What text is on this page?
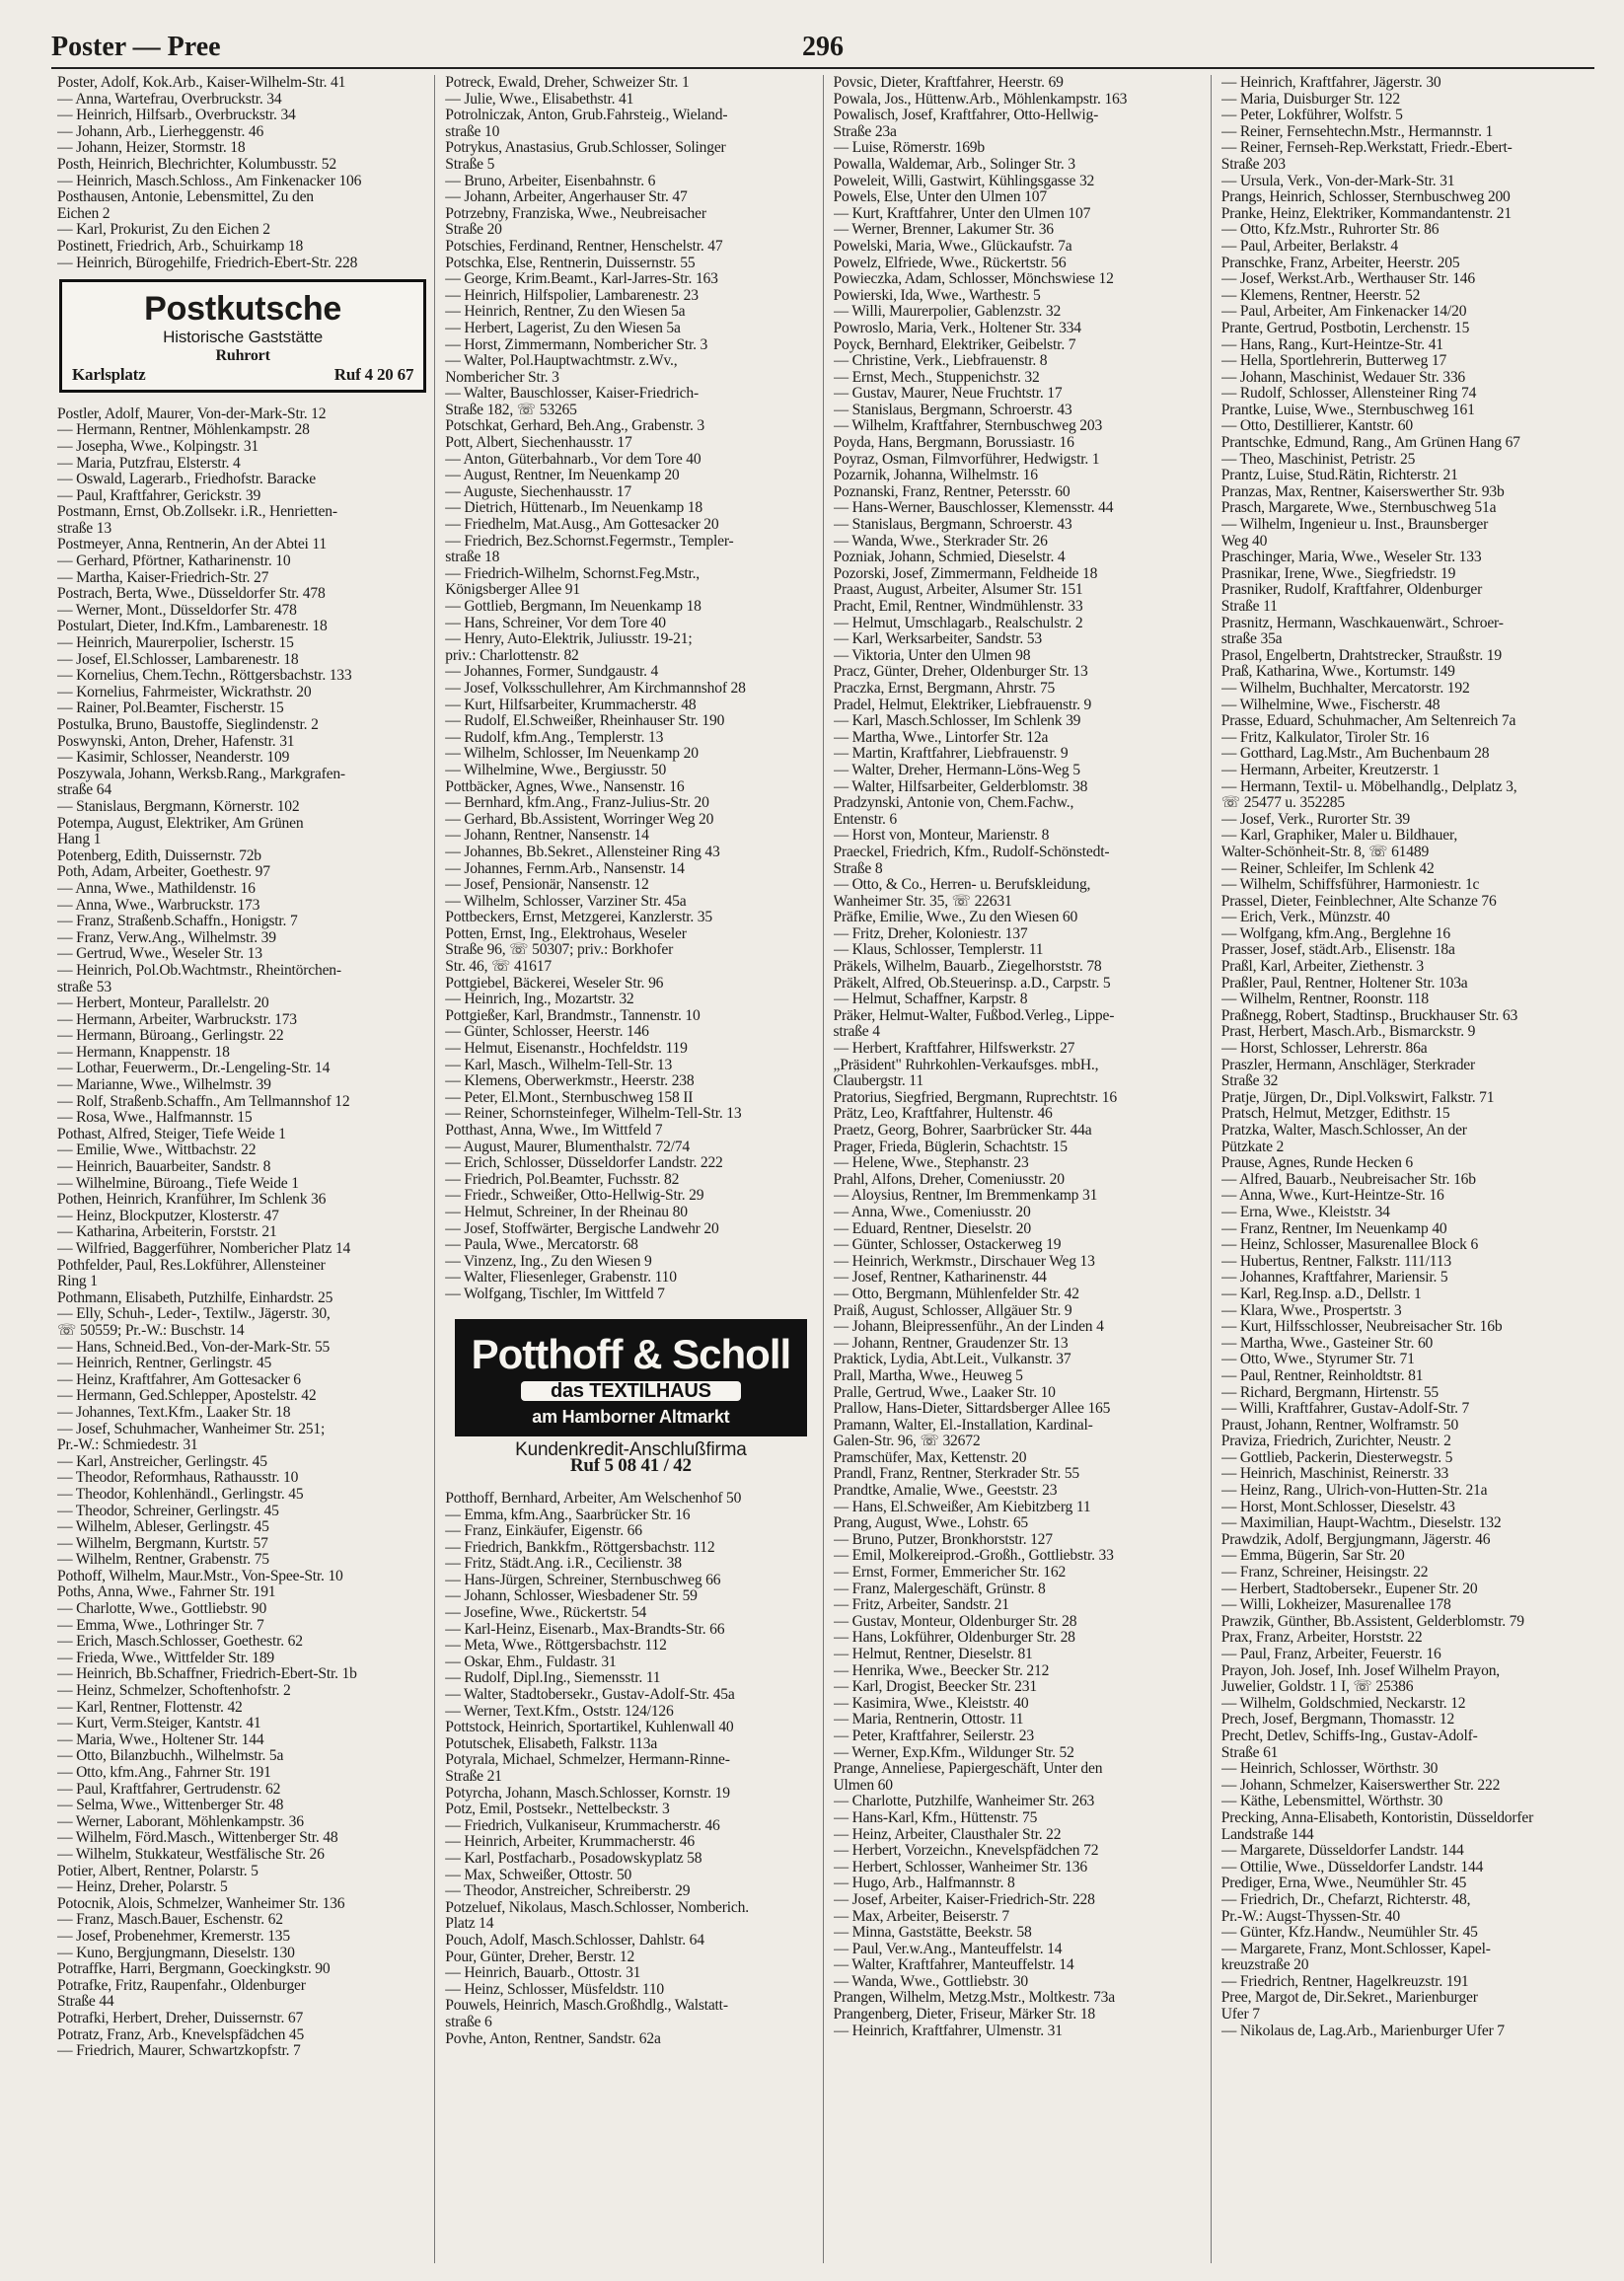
Poster — Pree	296
Poster, Adolf, Kok.Arb., Kaiser-Wilhelm-Str. 41
— Anna, Wartefrau, Overbruckstr. 34
— Heinrich, Hilfsarb., Overbruckstr. 34
— Johann, Arb., Lierheggenstr. 46
— Johann, Heizer, Stormstr. 18
Posth, Heinrich, Blechrichter, Kolumbusstr. 52
— Heinrich, Masch.Schloss., Am Finkenacker 106
Posthausen, Antonie, Lebensmittel, Zu den
Eichen 2
— Karl, Prokurist, Zu den Eichen 2
Postinett, Friedrich, Arb., Schuirkamp 18
— Heinrich, Bürogehilfe, Friedrich-Ebert-Str. 228
Postkutsche
Historische Gaststätte
Ruhrort
Karlsplatz	Ruf 4 20 67
Postler, Adolf, Maurer, Von-der-Mark-Str. 12
— Hermann, Rentner, Möhlenkampstr. 28
— Josepha, Wwe., Kolpingstr. 31
— Maria, Putzfrau, Elsterstr. 4
— Oswald, Lagerarb., Friedhofstr. Baracke
— Paul, Kraftfahrer, Gerickstr. 39
Postmann, Ernst, Ob.Zollsekr. i.R., Henrietten-
straße 13
Postmeyer, Anna, Rentnerin, An der Abtei 11
— Gerhard, Pförtner, Katharinenstr. 10
— Martha, Kaiser-Friedrich-Str. 27
Postrach, Berta, Wwe., Düsseldorfer Str. 478
— Werner, Mont., Düsseldorfer Str. 478
Postulart, Dieter, Ind.Kfm., Lambarenestr. 18
— Heinrich, Maurerpolier, Ischerstr. 15
— Josef, El.Schlosser, Lambarenestr. 18
— Kornelius, Chem.Techn., Röttgersbachstr. 133
— Kornelius, Fahrmeister, Wickrathstr. 20
— Rainer, Pol.Beamter, Fischerstr. 15
Postulka, Bruno, Baustoffe, Sieglindenstr. 2
Poswynski, Anton, Dreher, Hafenstr. 31
— Kasimir, Schlosser, Neanderstr. 109
Poszywala, Johann, Werksb.Rang., Markgrafen-
straße 64
— Stanislaus, Bergmann, Körnerstr. 102
Potempa, August, Elektriker, Am Grünen
Hang 1
Potenberg, Edith, Duissernstr. 72b
Poth, Adam, Arbeiter, Goethestr. 97
— Anna, Wwe., Mathildenstr. 16
— Anna, Wwe., Warbruckstr. 173
— Franz, Straßenb.Schaffn., Honigstr. 7
— Franz, Verw.Ang., Wilhelmstr. 39
— Gertrud, Wwe., Weseler Str. 13
— Heinrich, Pol.Ob.Wachtmstr., Rheintörchen-
straße 53
— Herbert, Monteur, Parallelstr. 20
— Hermann, Arbeiter, Warbruckstr. 173
— Hermann, Büroang., Gerlingstr. 22
— Hermann, Knappenstr. 18
— Lothar, Feuerwerm., Dr.-Lengeling-Str. 14
— Marianne, Wwe., Wilhelmstr. 39
— Rolf, Straßenb.Schaffn., Am Tellmannshof 12
— Rosa, Wwe., Halfmannstr. 15
Pothast, Alfred, Steiger, Tiefe Weide 1
— Emilie, Wwe., Wittbachstr. 22
— Heinrich, Bauarbeiter, Sandstr. 8
— Wilhelmine, Büroang., Tiefe Weide 1
Pothen, Heinrich, Kranführer, Im Schlenk 36
— Heinz, Blockputzer, Klosterstr. 47
— Katharina, Arbeiterin, Forststr. 21
— Wilfried, Baggerführer, Nombericher Platz 14
Pothfelder, Paul, Res.Lokführer, Allensteiner
Ring 1
Pothmann, Elisabeth, Putzhilfe, Einhardstr. 25
— Elly, Schuh-, Leder-, Textilw., Jägerstr. 30,
☏ 50559; Pr.-W.: Buschstr. 14
— Hans, Schneid.Bed., Von-der-Mark-Str. 55
— Heinrich, Rentner, Gerlingstr. 45
— Heinz, Kraftfahrer, Am Gottesacker 6
— Hermann, Ged.Schlepper, Apostelstr. 42
— Johannes, Text.Kfm., Laaker Str. 18
— Josef, Schuhmacher, Wanheimer Str. 251;
Pr.-W.: Schmiedestr. 31
— Karl, Anstreicher, Gerlingstr. 45
— Theodor, Reformhaus, Rathausstr. 10
— Theodor, Kohlenhändl., Gerlingstr. 45
— Theodor, Schreiner, Gerlingstr. 45
— Wilhelm, Ableser, Gerlingstr. 45
— Wilhelm, Bergmann, Kurtstr. 57
— Wilhelm, Rentner, Grabenstr. 75
Pothoff, Wilhelm, Maur.Mstr., Von-Spee-Str. 10
Poths, Anna, Wwe., Fahrner Str. 191
— Charlotte, Wwe., Gottliebstr. 90
— Emma, Wwe., Lothringer Str. 7
— Erich, Masch.Schlosser, Goethestr. 62
— Frieda, Wwe., Wittfelder Str. 189
— Heinrich, Bb.Schaffner, Friedrich-Ebert-Str. 1b
— Heinz, Schmelzer, Schoftenhofstr. 2
— Karl, Rentner, Flottenstr. 42
— Kurt, Verm.Steiger, Kantstr. 41
— Maria, Wwe., Holtener Str. 144
— Otto, Bilanzbuchh., Wilhelmstr. 5a
— Otto, kfm.Ang., Fahrner Str. 191
— Paul, Kraftfahrer, Gertrudenstr. 62
— Selma, Wwe., Wittenberger Str. 48
— Werner, Laborant, Möhlenkampstr. 36
— Wilhelm, Förd.Masch., Wittenberger Str. 48
— Wilhelm, Stukkateur, Westfälische Str. 26
Potier, Albert, Rentner, Polarstr. 5
— Heinz, Dreher, Polarstr. 5
Potocnik, Alois, Schmelzer, Wanheimer Str. 136
— Franz, Masch.Bauer, Eschenstr. 62
— Josef, Probenehmer, Kremerstr. 135
— Kuno, Bergjungmann, Dieselstr. 130
Potraffke, Harri, Bergmann, Goeckingkstr. 90
Potrafke, Fritz, Raupenfahr., Oldenburger
Straße 44
Potrafki, Herbert, Dreher, Duissernstr. 67
Potratz, Franz, Arb., Knevelspfädchen 45
— Friedrich, Maurer, Schwartzkopfstr. 7
Potreck, Ewald, Dreher, Schweizer Str. 1
— Julie, Wwe., Elisabethstr. 41
Potrolniczak, Anton, Grub.Fahrsteig., Wieland-
straße 10
Potrykus, Anastasius, Grub.Schlosser, Solinger
Straße 5
— Bruno, Arbeiter, Eisenbahnstr. 6
— Johann, Arbeiter, Angerhauser Str. 47
Potrzebny, Franziska, Wwe., Neubreisacher
Straße 20
Potschies, Ferdinand, Rentner, Henschelstr. 47
Potschka, Else, Rentnerin, Duissernstr. 55
— George, Krim.Beamt., Karl-Jarres-Str. 163
— Heinrich, Hilfspolier, Lambarenestr. 23
— Heinrich, Rentner, Zu den Wiesen 5a
— Herbert, Lagerist, Zu den Wiesen 5a
— Horst, Zimmermann, Nombericher Str. 3
— Walter, Pol.Hauptwachtmstr. z.Wv.,
Nombericher Str. 3
— Walter, Bauschlosser, Kaiser-Friedrich-
Straße 182, ☏ 53265
Potschkat, Gerhard, Beh.Ang., Grabenstr. 3
Pott, Albert, Siechenhausstr. 17
— Anton, Güterbahnarb., Vor dem Tore 40
— August, Rentner, Im Neuenkamp 20
— Auguste, Siechenhausstr. 17
— Dietrich, Hüttenarb., Im Neuenkamp 18
— Friedhelm, Mat.Ausg., Am Gottesacker 20
— Friedrich, Bez.Schornst.Fegermstr., Templer-
straße 18
— Friedrich-Wilhelm, Schornst.Feg.Mstr.,
Königsberger Allee 91
— Gottlieb, Bergmann, Im Neuenkamp 18
— Hans, Schreiner, Vor dem Tore 40
— Henry, Auto-Elektrik, Juliusstr. 19-21;
priv.: Charlottenstr. 82
— Johannes, Former, Sundgaustr. 4
— Josef, Volksschullehrer, Am Kirchmannshof 28
— Kurt, Hilfsarbeiter, Krummacherstr. 48
— Rudolf, El.Schweißer, Rheinhauser Str. 190
— Rudolf, kfm.Ang., Templerstr. 13
— Wilhelm, Schlosser, Im Neuenkamp 20
— Wilhelmine, Wwe., Bergiusstr. 50
Pottbäcker, Agnes, Wwe., Nansenstr. 16
— Bernhard, kfm.Ang., Franz-Julius-Str. 20
— Gerhard, Bb.Assistent, Worringer Weg 20
— Johann, Rentner, Nansenstr. 14
— Johannes, Bb.Sekret., Allensteiner Ring 43
— Johannes, Fernm.Arb., Nansenstr. 14
— Josef, Pensionär, Nansenstr. 12
— Wilhelm, Schlosser, Varziner Str. 45a
Pottbeckers, Ernst, Metzgerei, Kanzlerstr. 35
Potten, Ernst, Ing., Elektrohaus, Weseler
Straße 96, ☏ 50307; priv.: Borkhofer
Str. 46, ☏ 41617
Pottgiebel, Bäckerei, Weseler Str. 96
— Heinrich, Ing., Mozartstr. 32
Pottgießer, Karl, Brandmstr., Tannenstr. 10
— Günter, Schlosser, Heerstr. 146
— Helmut, Eisenanstr., Hochfeldstr. 119
— Karl, Masch., Wilhelm-Tell-Str. 13
— Klemens, Oberwerkmstr., Heerstr. 238
— Peter, El.Mont., Sternbuschweg 158 II
— Reiner, Schornsteinfeger, Wilhelm-Tell-Str. 13
Potthast, Anna, Wwe., Im Wittfeld 7
— August, Maurer, Blumenthalstr. 72/74
— Erich, Schlosser, Düsseldorfer Landstr. 222
— Friedrich, Pol.Beamter, Fuchsstr. 82
— Friedr., Schweißer, Otto-Hellwig-Str. 29
— Helmut, Schreiner, In der Rheinau 80
— Josef, Stoffwärter, Bergische Landwehr 20
— Paula, Wwe., Mercatorstr. 68
— Vinzenz, Ing., Zu den Wiesen 9
— Walter, Fliesenleger, Grabenstr. 110
— Wolfgang, Tischler, Im Wittfeld 7
Potthoff & Scholl
das TEXTILHAUS
am Hamborner Altmarkt
Kundenkredit-Anschlußfirma
Ruf 5 08 41 / 42
Potthoff, Bernhard, Arbeiter, Am Welschenhof 50
— Emma, kfm.Ang., Saarbrücker Str. 16
— Franz, Einkäufer, Eigenstr. 66
— Friedrich, Bankkfm., Röttgersbachstr. 112
— Fritz, Städt.Ang. i.R., Cecilienstr. 38
— Hans-Jürgen, Schreiner, Sternbuschweg 66
— Johann, Schlosser, Wiesbadener Str. 59
— Josefine, Wwe., Rückertstr. 54
— Karl-Heinz, Eisenarb., Max-Brandts-Str. 66
— Meta, Wwe., Röttgersbachstr. 112
— Oskar, Ehm., Fuldastr. 31
— Rudolf, Dipl.Ing., Siemensstr. 11
— Walter, Stadtobersekr., Gustav-Adolf-Str. 45a
— Werner, Text.Kfm., Oststr. 124/126
Pottstock, Heinrich, Sportartikel, Kuhlenwall 40
Potutschek, Elisabeth, Falkstr. 113a
Potyrala, Michael, Schmelzer, Hermann-Rinne-
Straße 21
Potyrcha, Johann, Masch.Schlosser, Kornstr. 19
Potz, Emil, Postsekr., Nettelbeckstr. 3
— Friedrich, Vulkaniseur, Krummacherstr. 46
— Heinrich, Arbeiter, Krummacherstr. 46
— Karl, Postfacharb., Posadowskyplatz 58
— Max, Schweißer, Ottostr. 50
— Theodor, Anstreicher, Schreiberstr. 29
Potzeluef, Nikolaus, Masch.Schlosser, Nomberich.
Platz 14
Pouch, Adolf, Masch.Schlosser, Dahlstr. 64
Pour, Günter, Dreher, Berstr. 12
— Heinrich, Bauarb., Ottostr. 31
— Heinz, Schlosser, Müsfeldstr. 110
Pouwels, Heinrich, Masch.Großhdlg., Walstatt-
straße 6
Povhe, Anton, Rentner, Sandstr. 62a
Povsic, Dieter, Kraftfahrer, Heerstr. 69
Powala, Jos., Hüttenw.Arb., Möhlenkampstr. 163
Powalisch, Josef, Kraftfahrer, Otto-Hellwig-
Straße 23a
— Luise, Römerstr. 169b
Powalla, Waldemar, Arb., Solinger Str. 3
Poweleit, Willi, Gastwirt, Kühlingsgasse 32
Powels, Else, Unter den Ulmen 107
— Kurt, Kraftfahrer, Unter den Ulmen 107
— Werner, Brenner, Lakumer Str. 36
Powelski, Maria, Wwe., Glückaufstr. 7a
Powelz, Elfriede, Wwe., Rückertstr. 56
Powieczka, Adam, Schlosser, Mönchswiese 12
Powierski, Ida, Wwe., Warthestr. 5
— Willi, Maurerpolier, Gablenzstr. 32
Powroslo, Maria, Verk., Holtener Str. 334
Poyck, Bernhard, Elektriker, Geibelstr. 7
— Christine, Verk., Liebfrauenstr. 8
— Ernst, Mech., Stuppenichstr. 32
— Gustav, Maurer, Neue Fruchtstr. 17
— Stanislaus, Bergmann, Schroerstr. 43
— Wilhelm, Kraftfahrer, Sternbuschweg 203
Poyda, Hans, Bergmann, Borussiastr. 16
Poyraz, Osman, Filmvorführer, Hedwigstr. 1
Pozarnik, Johanna, Wilhelmstr. 16
Poznanski, Franz, Rentner, Petersstr. 60
— Hans-Werner, Bauschlosser, Klemensstr. 44
— Stanislaus, Bergmann, Schroerstr. 43
— Wanda, Wwe., Sterkrader Str. 26
Pozniak, Johann, Schmied, Dieselstr. 4
Pozorski, Josef, Zimmermann, Feldheide 18
Praast, August, Arbeiter, Alsumer Str. 151
Pracht, Emil, Rentner, Windmühlenstr. 33
— Helmut, Umschlagarb., Realschulstr. 2
— Karl, Werksarbeiter, Sandstr. 53
— Viktoria, Unter den Ulmen 98
Pracz, Günter, Dreher, Oldenburger Str. 13
Praczka, Ernst, Bergmann, Ahrstr. 75
Pradel, Helmut, Elektriker, Liebfrauenstr. 9
— Karl, Masch.Schlosser, Im Schlenk 39
— Martha, Wwe., Lintorfer Str. 12a
— Martin, Kraftfahrer, Liebfrauenstr. 9
— Walter, Dreher, Hermann-Löns-Weg 5
— Walter, Hilfsarbeiter, Gelderblomstr. 38
Pradzynski, Antonie von, Chem.Fachw.,
Entenstr. 6
— Horst von, Monteur, Marienstr. 8
Praeckel, Friedrich, Kfm., Rudolf-Schönstedt-
Straße 8
— Otto, & Co., Herren- u. Berufskleidung,
Wanheimer Str. 35, ☏ 22631
Präfke, Emilie, Wwe., Zu den Wiesen 60
— Fritz, Dreher, Koloniestr. 137
— Klaus, Schlosser, Templerstr. 11
Präkels, Wilhelm, Bauarb., Ziegelhorststr. 78
Präkelt, Alfred, Ob.Steuerinsp. a.D., Carpstr. 5
— Helmut, Schaffner, Karpstr. 8
Präker, Helmut-Walter, Fußbod.Verleg., Lippe-
straße 4
— Herbert, Kraftfahrer, Hilfswerkstr. 27
„Präsident" Ruhrkohlen-Verkaufsges. mbH.,
Claubergstr. 11
Pratorius, Siegfried, Bergmann, Ruprechtstr. 16
Prätz, Leo, Kraftfahrer, Hultenstr. 46
Praetz, Georg, Bohrer, Saarbrücker Str. 44a
Prager, Frieda, Büglerin, Schachtstr. 15
— Helene, Wwe., Stephanstr. 23
Prahl, Alfons, Dreher, Comeniusstr. 20
— Aloysius, Rentner, Im Bremmenkamp 31
— Anna, Wwe., Comeniusstr. 20
— Eduard, Rentner, Dieselstr. 20
— Günter, Schlosser, Ostackerweg 19
— Heinrich, Werkmstr., Dirschauer Weg 13
— Josef, Rentner, Katharinenstr. 44
— Otto, Bergmann, Mühlenfelder Str. 42
Praiß, August, Schlosser, Allgäuer Str. 9
— Johann, Bleipressenführ., An der Linden 4
— Johann, Rentner, Graudenzer Str. 13
Praktick, Lydia, Abt.Leit., Vulkanstr. 37
Prall, Martha, Wwe., Heuweg 5
Pralle, Gertrud, Wwe., Laaker Str. 10
Prallow, Hans-Dieter, Sittardsberger Allee 165
Pramann, Walter, El.-Installation, Kardinal-
Galen-Str. 96, ☏ 32672
Pramschüfer, Max, Kettenstr. 20
Prandl, Franz, Rentner, Sterkrader Str. 55
Prandtke, Amalie, Wwe., Geeststr. 23
— Hans, El.Schweißer, Am Kiebitzberg 11
Prang, August, Wwe., Lohstr. 65
— Bruno, Putzer, Bronkhorststr. 127
— Emil, Molkereiprod.-Großh., Gottliebstr. 33
— Ernst, Former, Emmericher Str. 162
— Franz, Malergeschäft, Grünstr. 8
— Fritz, Arbeiter, Sandstr. 21
— Gustav, Monteur, Oldenburger Str. 28
— Hans, Lokführer, Oldenburger Str. 28
— Helmut, Rentner, Dieselstr. 81
— Henrika, Wwe., Beecker Str. 212
— Karl, Drogist, Beecker Str. 231
— Kasimira, Wwe., Kleiststr. 40
— Maria, Rentnerin, Ottostr. 11
— Peter, Kraftfahrer, Seilerstr. 23
— Werner, Exp.Kfm., Wildunger Str. 52
Prange, Anneliese, Papiergeschäft, Unter den
Ulmen 60
— Charlotte, Putzhilfe, Wanheimer Str. 263
— Hans-Karl, Kfm., Hüttenstr. 75
— Heinz, Arbeiter, Clausthaler Str. 22
— Herbert, Vorzeichn., Knevelspfädchen 72
— Herbert, Schlosser, Wanheimer Str. 136
— Hugo, Arb., Halfmannstr. 8
— Josef, Arbeiter, Kaiser-Friedrich-Str. 228
— Max, Arbeiter, Beiserstr. 7
— Minna, Gaststätte, Beekstr. 58
— Paul, Ver.w.Ang., Manteuffelstr. 14
— Walter, Kraftfahrer, Manteuffelstr. 14
— Wanda, Wwe., Gottliebstr. 30
Prangen, Wilhelm, Metzg.Mstr., Moltkestr. 73a
Prangenberg, Dieter, Friseur, Märker Str. 18
— Heinrich, Kraftfahrer, Ulmenstr. 31
— Heinrich, Kraftfahrer, Jägerstr. 30
— Maria, Duisburger Str. 122
— Peter, Lokführer, Wolfstr. 5
— Reiner, Fernsehtechn.Mstr., Hermannstr. 1
— Reiner, Fernseh-Rep.Werkstatt, Friedr.-Ebert-
Straße 203
— Ursula, Verk., Von-der-Mark-Str. 31
Prangs, Heinrich, Schlosser, Sternbuschweg 200
Pranke, Heinz, Elektriker, Kommandantenstr. 21
— Otto, Kfz.Mstr., Ruhrorter Str. 86
— Paul, Arbeiter, Berlakstr. 4
Pranschke, Franz, Arbeiter, Heerstr. 205
— Josef, Werkst.Arb., Werthauser Str. 146
— Klemens, Rentner, Heerstr. 52
— Paul, Arbeiter, Am Finkenacker 14/20
Prante, Gertrud, Postbotin, Lerchenstr. 15
— Hans, Rang., Kurt-Heintze-Str. 41
— Hella, Sportlehrerin, Butterweg 17
— Johann, Maschinist, Wedauer Str. 336
— Rudolf, Schlosser, Allensteiner Ring 74
Prantke, Luise, Wwe., Sternbuschweg 161
— Otto, Destillierer, Kantstr. 60
Prantschke, Edmund, Rang., Am Grünen Hang 67
— Theo, Maschinist, Petristr. 25
Prantz, Luise, Stud.Rätin, Richterstr. 21
Pranzas, Max, Rentner, Kaiserswerther Str. 93b
Prasch, Margarete, Wwe., Sternbuschweg 51a
— Wilhelm, Ingenieur u. Inst., Braunsberger
Weg 40
Praschinger, Maria, Wwe., Weseler Str. 133
Prasnikar, Irene, Wwe., Siegfriedstr. 19
Prasniker, Rudolf, Kraftfahrer, Oldenburger
Straße 11
Prasnitz, Hermann, Waschkauenwärt., Schroer-
straße 35a
Prasol, Engelbertn, Drahtstrecker, Straußstr. 19
Praß, Katharina, Wwe., Kortumstr. 149
— Wilhelm, Buchhalter, Mercatorstr. 192
— Wilhelmine, Wwe., Fischerstr. 48
Prasse, Eduard, Schuhmacher, Am Seltenreich 7a
— Fritz, Kalkulator, Tiroler Str. 16
— Gotthard, Lag.Mstr., Am Buchenbaum 28
— Hermann, Arbeiter, Kreutzerstr. 1
— Hermann, Textil- u. Möbelhandlg., Delplatz 3,
☏ 25477 u. 352285
— Josef, Verk., Rurorter Str. 39
— Karl, Graphiker, Maler u. Bildhauer,
Walter-Schönheit-Str. 8, ☏ 61489
— Reiner, Schleifer, Im Schlenk 42
— Wilhelm, Schiffsführer, Harmoniestr. 1c
Prassel, Dieter, Feinblechner, Alte Schanze 76
— Erich, Verk., Münzstr. 40
— Wolfgang, kfm.Ang., Berglehne 16
Prasser, Josef, städt.Arb., Elisenstr. 18a
Praßl, Karl, Arbeiter, Ziethenstr. 3
Praßler, Paul, Rentner, Holtener Str. 103a
— Wilhelm, Rentner, Roonstr. 118
Praßnegg, Robert, Stadtinsp., Bruckhauser Str. 63
Prast, Herbert, Masch.Arb., Bismarckstr. 9
— Horst, Schlosser, Lehrerstr. 86a
Praszler, Hermann, Anschläger, Sterkrader
Straße 32
Pratje, Jürgen, Dr., Dipl.Volkswirt, Falkstr. 71
Pratsch, Helmut, Metzger, Edithstr. 15
Pratzka, Walter, Masch.Schlosser, An der
Pützkate 2
Prause, Agnes, Runde Hecken 6
— Alfred, Bauarb., Neubreisacher Str. 16b
— Anna, Wwe., Kurt-Heintze-Str. 16
— Erna, Wwe., Kleiststr. 34
— Franz, Rentner, Im Neuenkamp 40
— Heinz, Schlosser, Masurenallee Block 6
— Hubertus, Rentner, Falkstr. 111/113
— Johannes, Kraftfahrer, Mariensir. 5
— Karl, Reg.Insp. a.D., Dellstr. 1
— Klara, Wwe., Prospertstr. 3
— Kurt, Hilfsschlosser, Neubreisacher Str. 16b
— Martha, Wwe., Gasteiner Str. 60
— Otto, Wwe., Styrumer Str. 71
— Paul, Rentner, Reinholdtstr. 81
— Richard, Bergmann, Hirtenstr. 55
— Willi, Kraftfahrer, Gustav-Adolf-Str. 7
Praust, Johann, Rentner, Wolframstr. 50
Praviza, Friedrich, Zurichter, Neustr. 2
— Gottlieb, Packerin, Diesterwegstr. 5
— Heinrich, Maschinist, Reinerstr. 33
— Heinz, Rang., Ulrich-von-Hutten-Str. 21a
— Horst, Mont.Schlosser, Dieselstr. 43
— Maximilian, Haupt-Wachtm., Dieselstr. 132
Prawdzik, Adolf, Bergjungmann, Jägerstr. 46
— Emma, Bügerin, Sar Str. 20
— Franz, Schreiner, Heisingstr. 22
— Herbert, Stadtobersekr., Eupener Str. 20
— Willi, Lokheizer, Masurenallee 178
Prawzik, Günther, Bb.Assistent, Gelderblomstr. 79
Prax, Franz, Arbeiter, Horststr. 22
— Paul, Franz, Arbeiter, Feuerstr. 16
Prayon, Joh. Josef, Inh. Josef Wilhelm Prayon,
Juwelier, Goldstr. 1 I, ☏ 25386
— Wilhelm, Goldschmied, Neckarstr. 12
Prech, Josef, Bergmann, Thomasstr. 12
Precht, Detlev, Schiffs-Ing., Gustav-Adolf-
Straße 61
— Heinrich, Schlosser, Wörthstr. 30
— Johann, Schmelzer, Kaiserswerther Str. 222
— Käthe, Lebensmittel, Wörthstr. 30
Precking, Anna-Elisabeth, Kontoristin, Düsseldorfer
Landstraße 144
— Margarete, Düsseldorfer Landstr. 144
— Ottilie, Wwe., Düsseldorfer Landstr. 144
Prediger, Erna, Wwe., Neumühler Str. 45
— Friedrich, Dr., Chefarzt, Richterstr. 48,
Pr.-W.: Augst-Thyssen-Str. 40
— Günter, Kfz.Handw., Neumühler Str. 45
— Margarete, Franz, Mont.Schlosser, Kapel-
kreuzstraße 20
— Friedrich, Rentner, Hagelkreuzstr. 191
Pree, Margot de, Dir.Sekret., Marienburger
Ufer 7
— Nikolaus de, Lag.Arb., Marienburger Ufer 7
